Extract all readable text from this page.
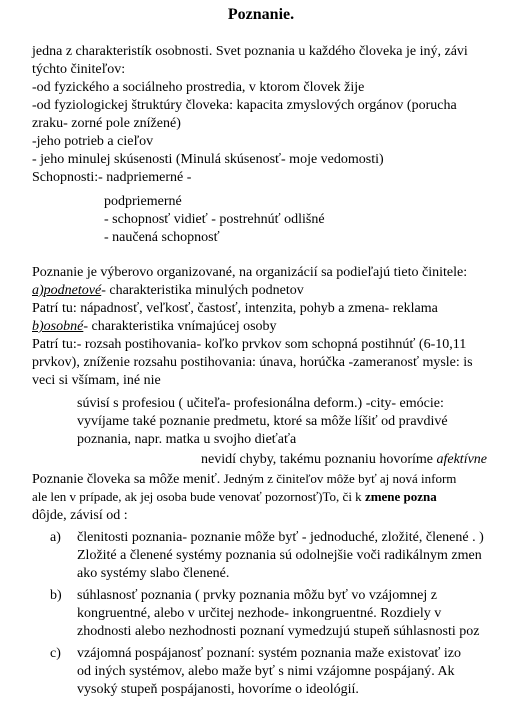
Poznanie.
jedna z charakteristík osobnosti. Svet poznania u každého človeka je iný, závi
týchto činiteľov:
-od fyzického a sociálneho prostredia, v ktorom človek žije
-od fyziologickej štruktúry človeka: kapacita zmyslových orgánov (porucha
zraku- zorné pole znížené)
-jeho potrieb a cieľov
- jeho minulej skúsenosti (Minulá skúsenosť- moje vedomosti)
Schopnosti:- nadpriemerné -
podpriemerné
- schopnosť vidieť - postrehnúť odlišné
- naučená schopnosť
Poznanie je výberovo organizované, na organizácií sa podieľajú tieto činitele:
a)podnetové- charakteristika minulých podnetov
Patrí tu: nápadnosť, veľkosť, častosť, intenzita, pohyb a zmena- reklama
b)osobné- charakteristika vnímajúcej osoby
Patrí tu:- rozsah postihovania- koľko prvkov som schopná postihnúť (6-10,11
prvkov), zníženie rozsahu postihovania: únava, horúčka -zameranosť mysle: is
veci si všímam, iné nie
súvisí s profesiou ( učiteľa- profesionálna deform.) -city- emócie:
vyvíjame také poznanie predmetu, ktoré sa môže líšiť od pravdivé
poznania, napr. matka u svojho dieťaťa
nevidí chyby, takému poznaniu hovoríme afektívne
Poznanie človeka sa môže meniť. Jedným z činiteľov môže byť aj nová inform
ale len v prípade, ak jej osoba bude venovať pozornosť)To, či k zmene pozna
dôjde, závisí od :
a) členitosti poznania- poznanie môže byť - jednoduché, zložité, členené . )
Zložité a členené systémy poznania sú odolnejšie voči radikálnym zmen
ako systémy slabo členené.
b) súhlasnosť poznania ( prvky poznania môžu byť vo vzájomnej z
kongruentné, alebo v určitej nezhode- inkongruentné. Rozdiely v
zhodnosti alebo nezhodnosti poznaní vymedzujú stupeň súhlasnosti poz
c) vzájomná pospájanosť poznaní: systém poznania maže existovať izo
od iných systémov, alebo maže byť s nimi vzájomne pospájaný. Ak
vysoký stupeň pospájanosti, hovoríme o ideológií.
